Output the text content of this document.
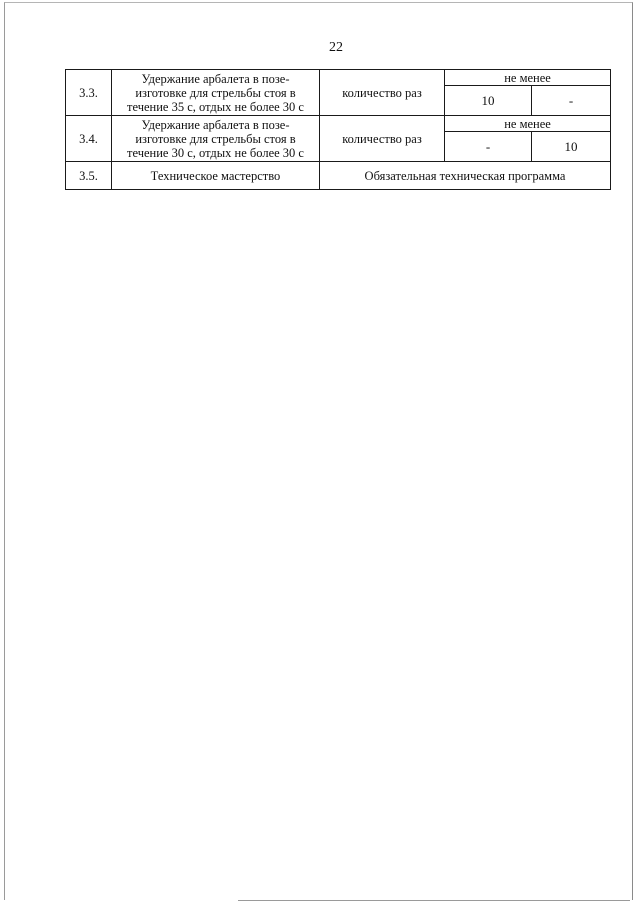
22
3.3.	Удержание арбалета в позе-
изготовке для стрельбы стоя в
течение 35 с, отдых не более 30 с	количество раз	не менее	
			10	-
3.4.	Удержание арбалета в позе-
изготовке для стрельбы стоя в
течение 30 с, отдых не более 30 с	количество раз	не менее	
			-	10
3.5.	Техническое мастерство	Обязательная техническая программа		
